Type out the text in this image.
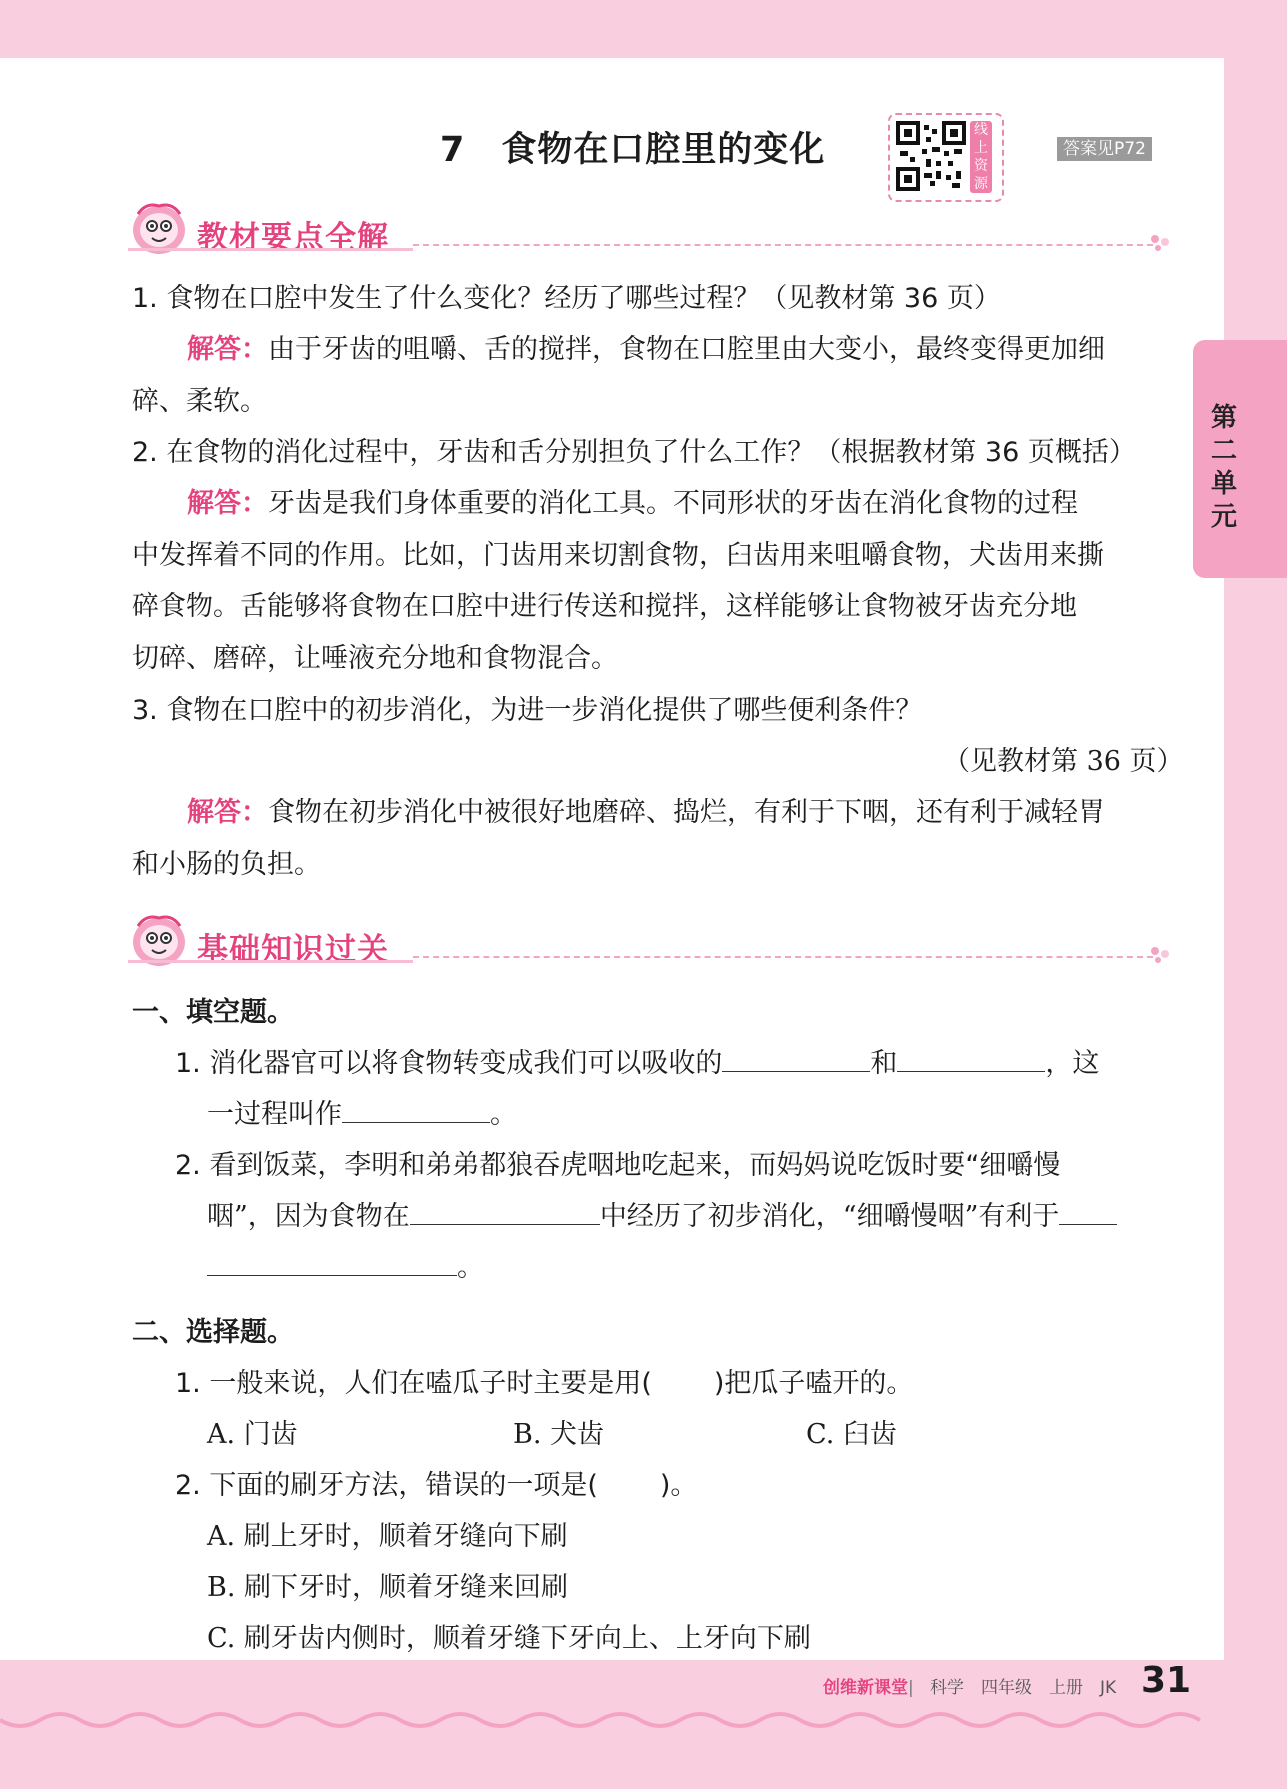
7　食物在口腔里的变化	线上资源
答案见P72
第二单元
教材要点全解
1. 食物在口腔中发生了什么变化？经历了哪些过程？（见教材第 36 页）
解答：由于牙齿的咀嚼、舌的搅拌，食物在口腔里由大变小，最终变得更加细
碎、柔软。
2. 在食物的消化过程中，牙齿和舌分别担负了什么工作？（根据教材第 36 页概括）
解答：牙齿是我们身体重要的消化工具。不同形状的牙齿在消化食物的过程
中发挥着不同的作用。比如，门齿用来切割食物，臼齿用来咀嚼食物，犬齿用来撕
碎食物。舌能够将食物在口腔中进行传送和搅拌，这样能够让食物被牙齿充分地
切碎、磨碎，让唾液充分地和食物混合。
3. 食物在口腔中的初步消化，为进一步消化提供了哪些便利条件？
（见教材第 36 页）
解答：食物在初步消化中被很好地磨碎、捣烂，有利于下咽，还有利于减轻胃
和小肠的负担。
基础知识过关
一、填空题。
1. 消化器官可以将食物转变成我们可以吸收的	和	，这
一过程叫作	。
2. 看到饭菜，李明和弟弟都狼吞虎咽地吃起来，而妈妈说吃饭时要“细嚼慢
咽”，因为食物在	中经历了初步消化，“细嚼慢咽”有利于
。
二、选择题。
1. 一般来说，人们在嗑瓜子时主要是用( )把瓜子嗑开的。
A. 门齿	B. 犬齿	C. 臼齿
2. 下面的刷牙方法，错误的一项是( )。
A. 刷上牙时，顺着牙缝向下刷
B. 刷下牙时，顺着牙缝来回刷
C. 刷牙齿内侧时，顺着牙缝下牙向上、上牙向下刷
创维新课堂| 科学　四年级　上册　JK 31
